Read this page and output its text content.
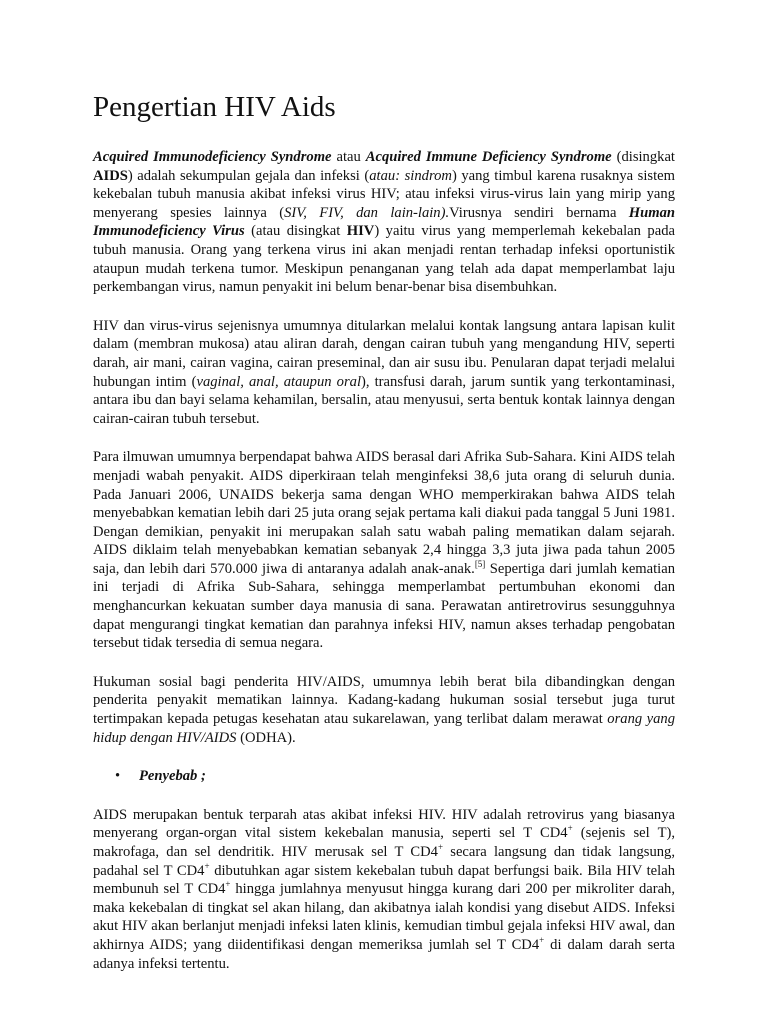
Pengertian HIV Aids

Acquired Immunodeficiency Syndrome atau Acquired Immune Deficiency Syndrome (disingkat AIDS) adalah sekumpulan gejala dan infeksi (atau: sindrom) yang timbul karena rusaknya sistem kekebalan tubuh manusia akibat infeksi virus HIV; atau infeksi virus-virus lain yang mirip yang menyerang spesies lainnya (SIV, FIV, dan lain-lain).Virusnya sendiri bernama Human Immunodeficiency Virus (atau disingkat HIV) yaitu virus yang memperlemah kekebalan pada tubuh manusia. Orang yang terkena virus ini akan menjadi rentan terhadap infeksi oportunistik ataupun mudah terkena tumor. Meskipun penanganan yang telah ada dapat memperlambat laju perkembangan virus, namun penyakit ini belum benar-benar bisa disembuhkan.

HIV dan virus-virus sejenisnya umumnya ditularkan melalui kontak langsung antara lapisan kulit dalam (membran mukosa) atau aliran darah, dengan cairan tubuh yang mengandung HIV, seperti darah, air mani, cairan vagina, cairan preseminal, dan air susu ibu. Penularan dapat terjadi melalui hubungan intim (vaginal, anal, ataupun oral), transfusi darah, jarum suntik yang terkontaminasi, antara ibu dan bayi selama kehamilan, bersalin, atau menyusui, serta bentuk kontak lainnya dengan cairan-cairan tubuh tersebut.

Para ilmuwan umumnya berpendapat bahwa AIDS berasal dari Afrika Sub-Sahara. Kini AIDS telah menjadi wabah penyakit. AIDS diperkiraan telah menginfeksi 38,6 juta orang di seluruh dunia. Pada Januari 2006, UNAIDS bekerja sama dengan WHO memperkirakan bahwa AIDS telah menyebabkan kematian lebih dari 25 juta orang sejak pertama kali diakui pada tanggal 5 Juni 1981. Dengan demikian, penyakit ini merupakan salah satu wabah paling mematikan dalam sejarah. AIDS diklaim telah menyebabkan kematian sebanyak 2,4 hingga 3,3 juta jiwa pada tahun 2005 saja, dan lebih dari 570.000 jiwa di antaranya adalah anak-anak.[5] Sepertiga dari jumlah kematian ini terjadi di Afrika Sub-Sahara, sehingga memperlambat pertumbuhan ekonomi dan menghancurkan kekuatan sumber daya manusia di sana. Perawatan antiretrovirus sesungguhnya dapat mengurangi tingkat kematian dan parahnya infeksi HIV, namun akses terhadap pengobatan tersebut tidak tersedia di semua negara.

Hukuman sosial bagi penderita HIV/AIDS, umumnya lebih berat bila dibandingkan dengan penderita penyakit mematikan lainnya. Kadang-kadang hukuman sosial tersebut juga turut tertimpakan kepada petugas kesehatan atau sukarelawan, yang terlibat dalam merawat orang yang hidup dengan HIV/AIDS (ODHA).

• Penyebab ;

AIDS merupakan bentuk terparah atas akibat infeksi HIV. HIV adalah retrovirus yang biasanya menyerang organ-organ vital sistem kekebalan manusia, seperti sel T CD4+ (sejenis sel T), makrofaga, dan sel dendritik. HIV merusak sel T CD4+ secara langsung dan tidak langsung, padahal sel T CD4+ dibutuhkan agar sistem kekebalan tubuh dapat berfungsi baik. Bila HIV telah membunuh sel T CD4+ hingga jumlahnya menyusut hingga kurang dari 200 per mikroliter darah, maka kekebalan di tingkat sel akan hilang, dan akibatnya ialah kondisi yang disebut AIDS. Infeksi akut HIV akan berlanjut menjadi infeksi laten klinis, kemudian timbul gejala infeksi HIV awal, dan akhirnya AIDS; yang diidentifikasi dengan memeriksa jumlah sel T CD4+ di dalam darah serta adanya infeksi tertentu.
